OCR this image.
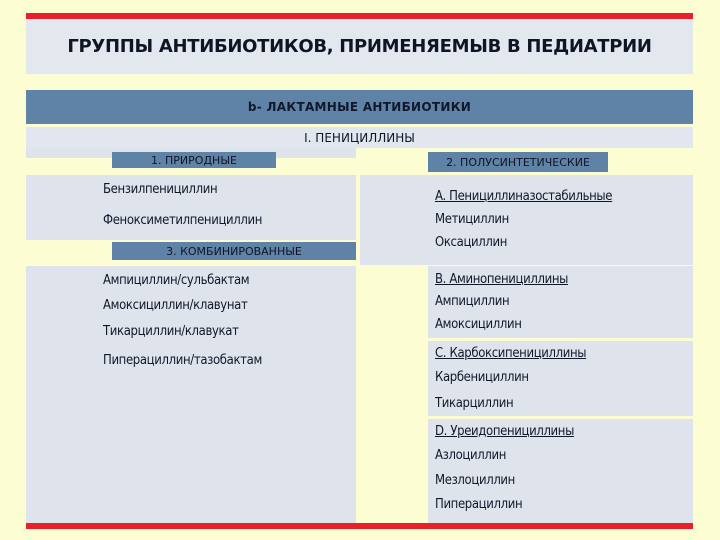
ГРУППЫ АНТИБИОТИКОВ, ПРИМЕНЯЕМЫВ В ПЕДИАТРИИ
b- ЛАКТАМНЫЕ АНТИБИОТИКИ
I. ПЕНИЦИЛЛИНЫ
1. ПРИРОДНЫЕ	2. ПОЛУСИНТЕТИЧЕСКИЕ
3. КОМБИНИРОВАННЫЕ
Бензилпенициллин
Феноксиметилпенициллин
Ампициллин/сульбактам
Амоксициллин/клавунат
Тикарциллин/клавукат
Пиперациллин/тазобактам
A. Пенициллиназостабильные
Метициллин
Оксациллин
B. Аминопенициллины
Ампициллин
Амоксициллин
C. Карбоксипенициллины
Карбенициллин
Тикарциллин
D. Уреидопенициллины
Азлоциллин
Мезлоциллин
Пиперациллин
